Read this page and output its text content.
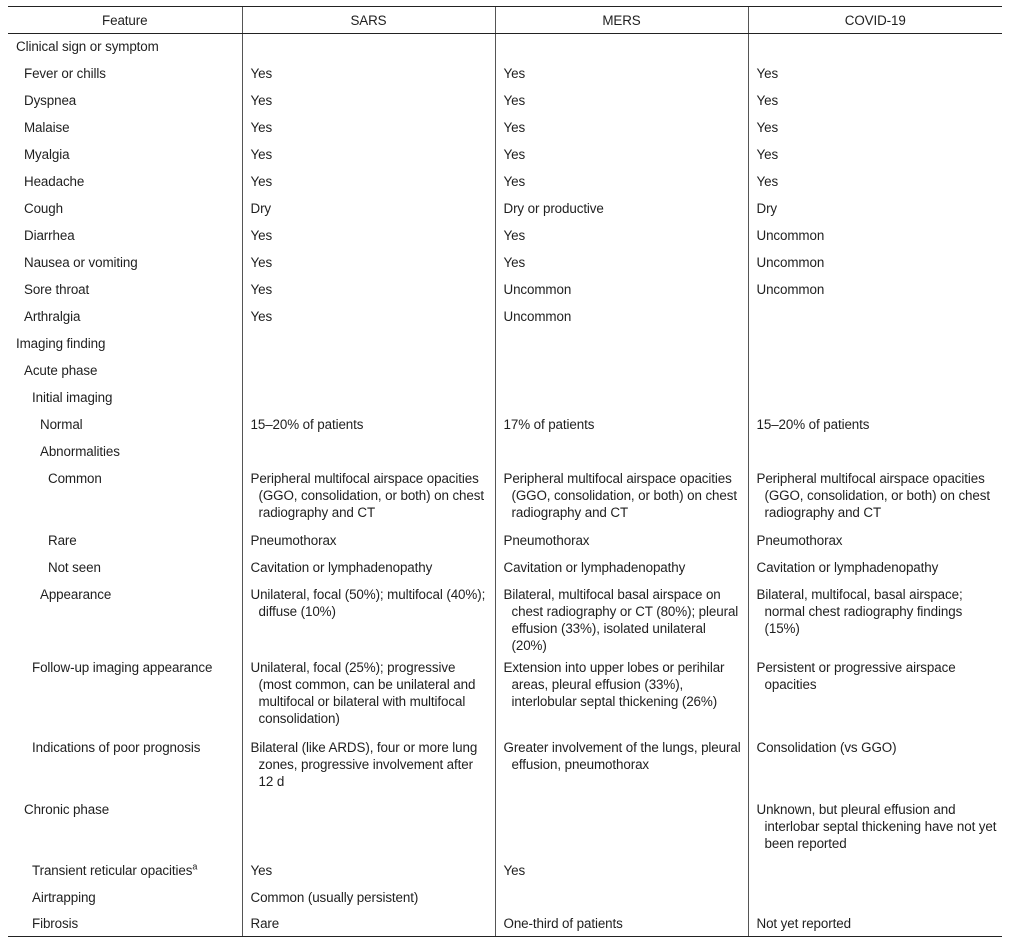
Feature	SARS	MERS	COVID-19
Clinical sign or symptom			
Fever or chills	Yes	Yes	Yes
Dyspnea	Yes	Yes	Yes
Malaise	Yes	Yes	Yes
Myalgia	Yes	Yes	Yes
Headache	Yes	Yes	Yes
Cough	Dry	Dry or productive	Dry
Diarrhea	Yes	Yes	Uncommon
Nausea or vomiting	Yes	Yes	Uncommon
Sore throat	Yes	Uncommon	Uncommon
Arthralgia	Yes	Uncommon	
Imaging finding			
Acute phase			
Initial imaging			
Normal	15–20% of patients	17% of patients	15–20% of patients
Abnormalities			
Common	Peripheral multifocal airspace opacities (GGO, consolidation, or both) on chest radiography and CT	Peripheral multifocal airspace opacities (GGO, consolidation, or both) on chest radiography and CT	Peripheral multifocal airspace opacities (GGO, consolidation, or both) on chest radiography and CT

Rare	Pneumothorax	Pneumothorax	Pneumothorax
Not seen	Cavitation or lymphadenopathy	Cavitation or lymphadenopathy	Cavitation or lymphadenopathy
Appearance	Unilateral, focal (50%); multifocal (40%); diffuse (10%)	Bilateral, multifocal basal airspace on chest radiography or CT (80%); pleural effusion (33%), isolated unilateral (20%)	Bilateral, multifocal, basal airspace; normal chest radiography findings (15%)

Follow-up imaging appearance	Unilateral, focal (25%); progressive (most common, can be unilateral and multifocal or bilateral with multifocal consolidation)	Extension into upper lobes or perihilar areas, pleural effusion (33%), interlobular septal thickening (26%)	Persistent or progressive airspace opacities

Indications of poor prognosis	Bilateral (like ARDS), four or more lung zones, progressive involvement after 12 d	Greater involvement of the lungs, pleural effusion, pneumothorax	Consolidation (vs GGO)

Chronic phase			Unknown, but pleural effusion and interlobar septal thickening have not yet been reported

Transient reticular opacities$^a$	Yes	Yes	
Airtrapping	Common (usually persistent)		
Fibrosis	Rare	One-third of patients	Not yet reported
